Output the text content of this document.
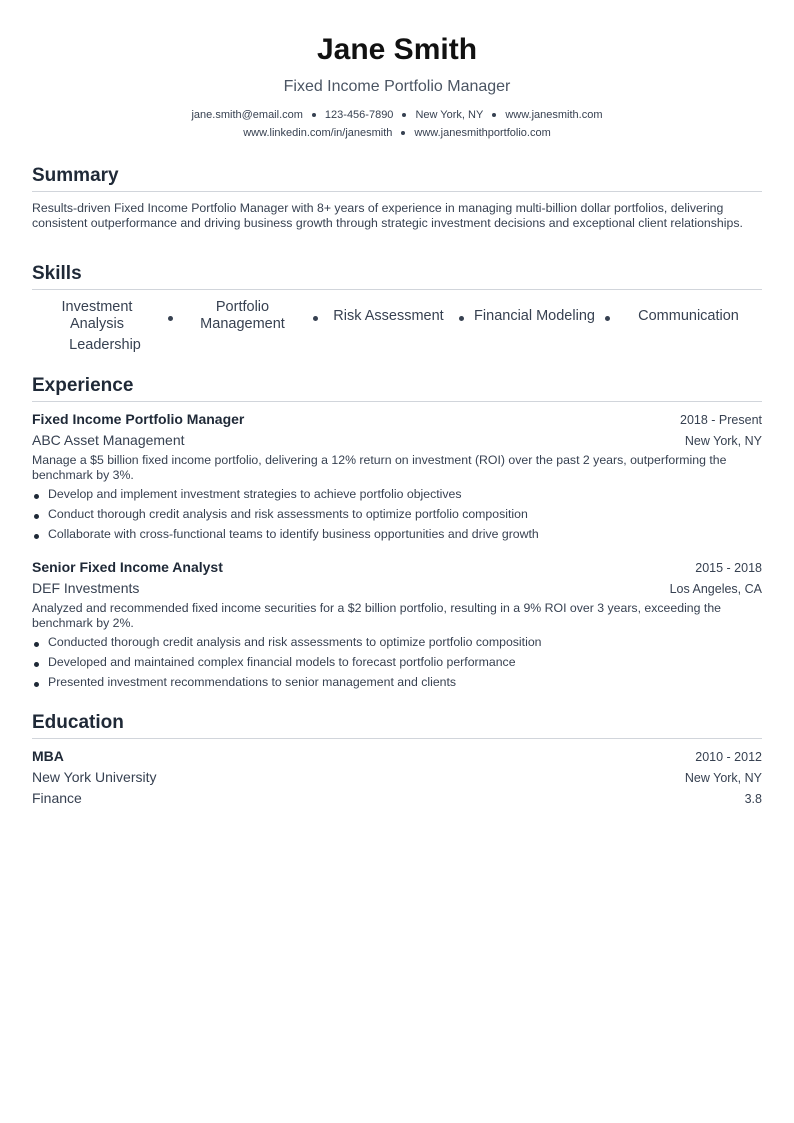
Jane Smith
Fixed Income Portfolio Manager
jane.smith@email.com 123-456-7890 New York, NY www.janesmith.com
www.linkedin.com/in/janesmith www.janesmithportfolio.com
Summary
Results-driven Fixed Income Portfolio Manager with 8+ years of experience in managing multi-billion dollar portfolios, delivering consistent outperformance and driving business growth through strategic investment decisions and exceptional client relationships.
Skills
Investment Analysis
Portfolio Management	Risk Assessment	Financial Modeling	Communication
Leadership
Experience
Fixed Income Portfolio Manager	2018 - Present
ABC Asset Management	New York, NY
Manage a $5 billion fixed income portfolio, delivering a 12% return on investment (ROI) over the past 2 years, outperforming the benchmark by 3%.
Develop and implement investment strategies to achieve portfolio objectives
Conduct thorough credit analysis and risk assessments to optimize portfolio composition
Collaborate with cross-functional teams to identify business opportunities and drive growth
Senior Fixed Income Analyst	2015 - 2018
DEF Investments	Los Angeles, CA
Analyzed and recommended fixed income securities for a $2 billion portfolio, resulting in a 9% ROI over 3 years, exceeding the benchmark by 2%.
Conducted thorough credit analysis and risk assessments to optimize portfolio composition
Developed and maintained complex financial models to forecast portfolio performance
Presented investment recommendations to senior management and clients
Education
MBA	2010 - 2012
New York University	New York, NY
Finance	3.8
